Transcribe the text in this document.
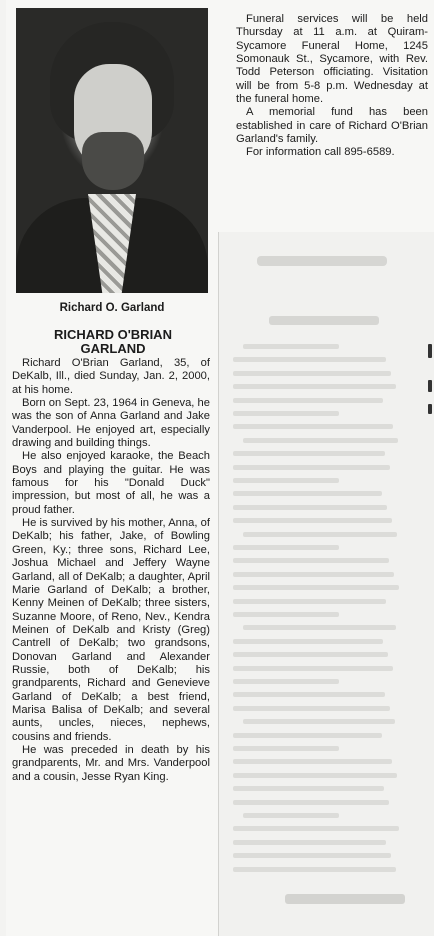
Richard O. Garland
RICHARD O'BRIAN
GARLAND

Richard O'Brian Garland, 35, of DeKalb, Ill., died Sunday, Jan. 2, 2000, at his home.

Born on Sept. 23, 1964 in Geneva, he was the son of Anna Garland and Jake Vanderpool. He enjoyed art, especially drawing and building things.

He also enjoyed karaoke, the Beach Boys and playing the guitar. He was famous for his "Donald Duck" impression, but most of all, he was a proud father.

He is survived by his mother, Anna, of DeKalb; his father, Jake, of Bowling Green, Ky.; three sons, Richard Lee, Joshua Michael and Jeffery Wayne Garland, all of DeKalb; a daughter, April Marie Garland of DeKalb; a brother, Kenny Meinen of DeKalb; three sisters, Suzanne Moore, of Reno, Nev., Kendra Meinen of DeKalb and Kristy (Greg) Cantrell of DeKalb; two grandsons, Donovan Garland and Alexander Russie, both of DeKalb; his grandparents, Richard and Genevieve Garland of DeKalb; a best friend, Marisa Balisa of DeKalb; and several aunts, uncles, nieces, nephews, cousins and friends.

He was preceded in death by his grandparents, Mr. and Mrs. Vanderpool and a cousin, Jesse Ryan King.

Funeral services will be held Thursday at 11 a.m. at Quiram-Sycamore Funeral Home, 1245 Somonauk St., Sycamore, with Rev. Todd Peterson officiating. Visitation will be from 5-8 p.m. Wednesday at the funeral home.

A memorial fund has been established in care of Richard O'Brian Garland's family.

For information call 895-6589.
